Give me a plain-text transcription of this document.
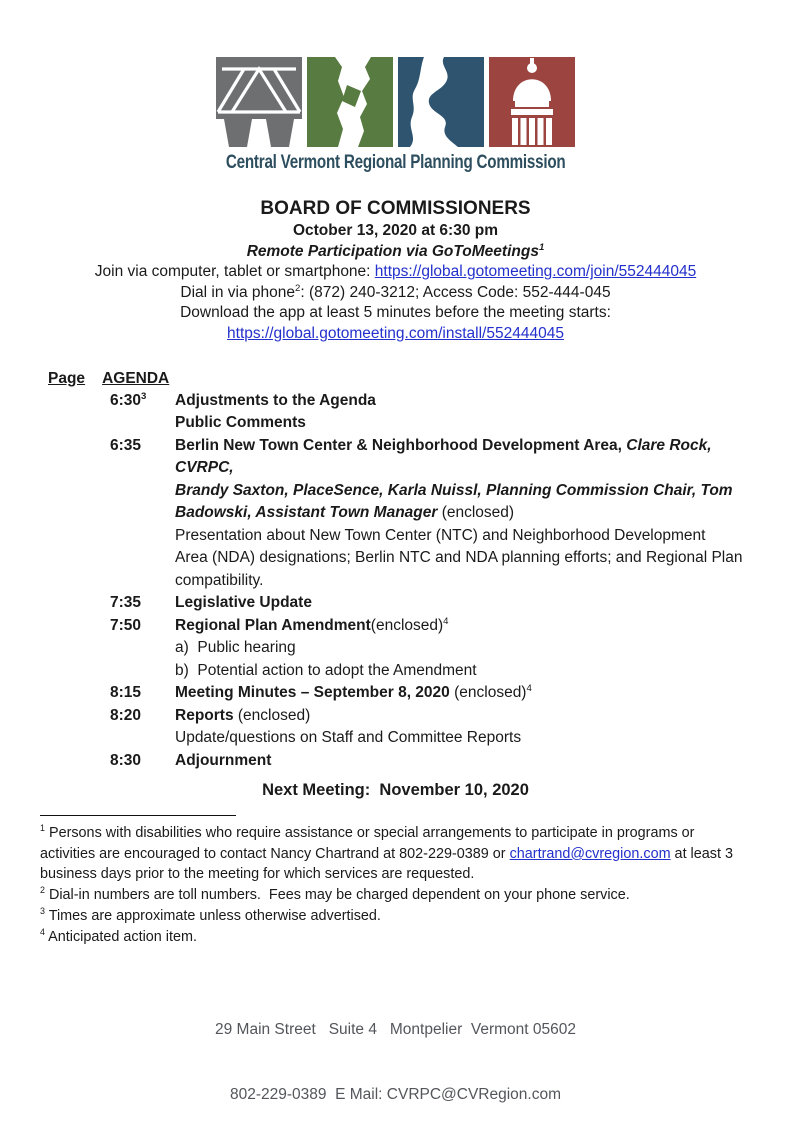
Central Vermont Regional Planning Commission
BOARD OF COMMISSIONERS
October 13, 2020 at 6:30 pm
Remote Participation via GoToMeetings$^1$
Join via computer, tablet or smartphone: https://global.gotomeeting.com/join/552444045
Dial in via phone$^2$: (872) 240-3212; Access Code: 552-444-045
Download the app at least 5 minutes before the meeting starts:
https://global.gotomeeting.com/install/552444045
Page AGENDA
$6:30^3$	Adjustments to the Agenda
Public Comments
6:35	Berlin New Town Center & Neighborhood Development Area, Clare Rock, CVRPC,
Brandy Saxton, PlaceSence, Karla Nuissl, Planning Commission Chair, Tom
Badowski, Assistant Town Manager (enclosed)
Presentation about New Town Center (NTC) and Neighborhood Development
Area (NDA) designations; Berlin NTC and NDA planning efforts; and Regional Plan
compatibility.
7:35	Legislative Update
7:50	Regional Plan Amendment(enclosed)$^4$
a)  Public hearing
b)  Potential action to adopt the Amendment
8:15	Meeting Minutes – September 8, 2020 (enclosed)$^4$
8:20	Reports (enclosed)
Update/questions on Staff and Committee Reports
8:30	Adjournment
Next Meeting:  November 10, 2020
$^1$ Persons with disabilities who require assistance or special arrangements to participate in programs or
activities are encouraged to contact Nancy Chartrand at 802-229-0389 or chartrand@cvregion.com at least 3
business days prior to the meeting for which services are requested.
$^2$ Dial-in numbers are toll numbers.  Fees may be charged dependent on your phone service.
$^3$ Times are approximate unless otherwise advertised.
$^4$ Anticipated action item.

29 Main Street   Suite 4   Montpelier  Vermont 05602

802-229-0389  E Mail: CVRPC@CVRegion.com
